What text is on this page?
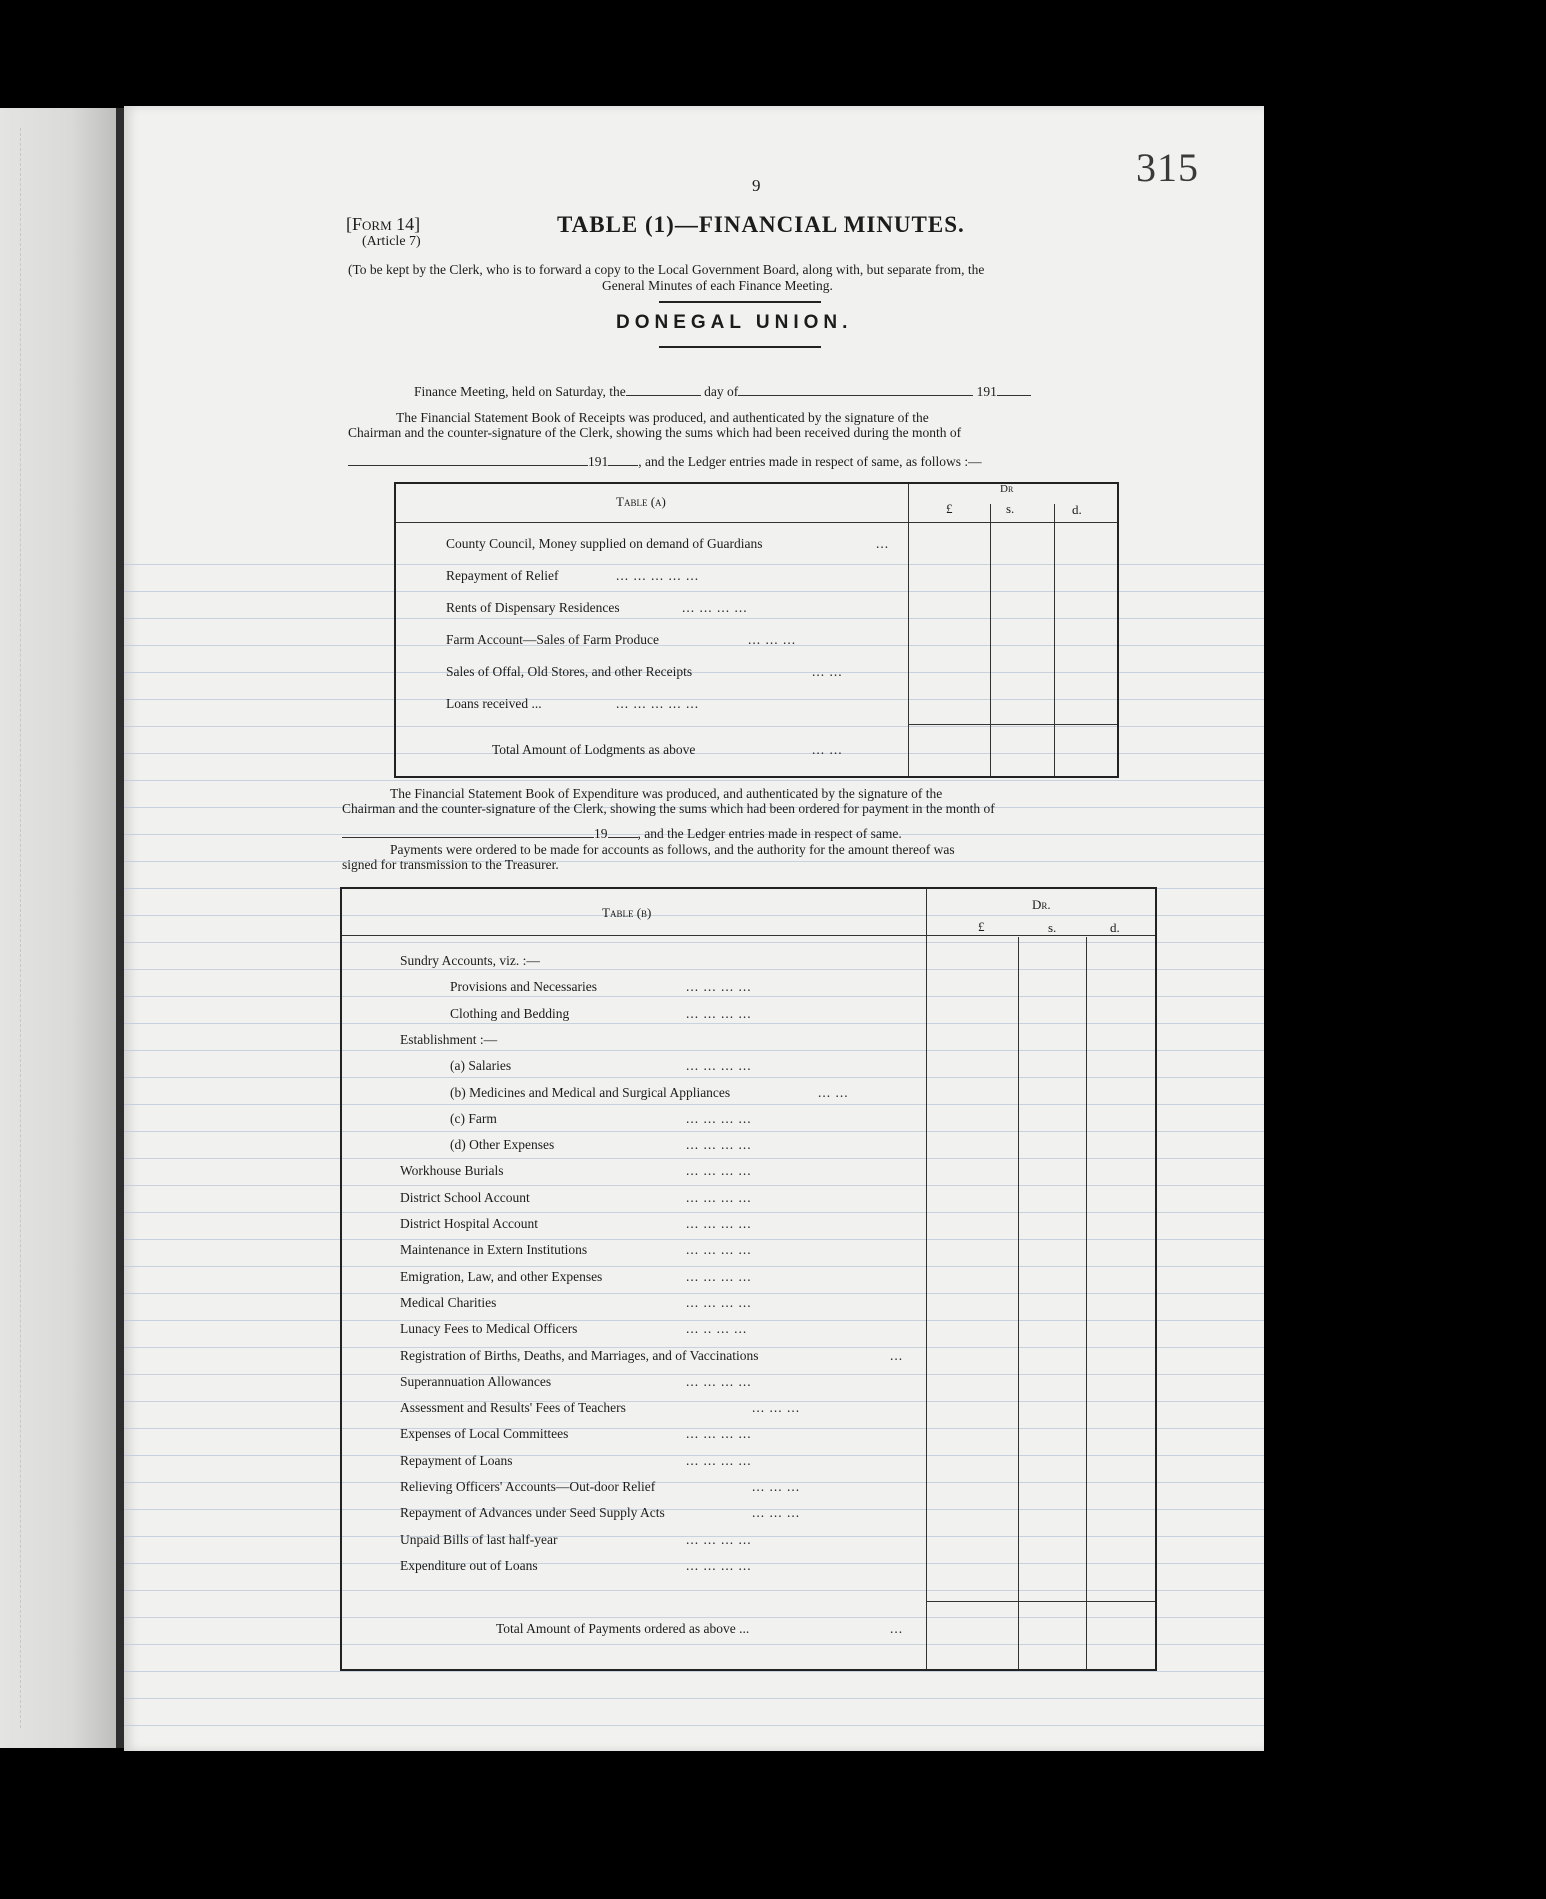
9	315
[Form 14]
(Article 7)
TABLE (1)—FINANCIAL MINUTES.
(To be kept by the Clerk, who is to forward a copy to the Local Government Board, along with, but separate from, the
General Minutes of each Finance Meeting.
DONEGAL UNION.
Finance Meeting, held on Saturday, the	day of	191
The Financial Statement Book of Receipts was produced, and authenticated by the signature of the
Chairman and the counter-signature of the Clerk, showing the sums which had been received during the month of
191 , and the Ledger entries made in respect of same, as follows :—
Table (a)
Dr
£	s.	d.
County Council, Money supplied on demand of Guardians	...
Repayment of Relief	... ... ... ... ...
Rents of Dispensary Residences	... ... ... ...
Farm Account—Sales of Farm Produce	... ... ...
Sales of Offal, Old Stores, and other Receipts	... ...
Loans received ...	... ... ... ... ...
Total Amount of Lodgments as above	... ...
The Financial Statement Book of Expenditure was produced, and authenticated by the signature of the
Chairman and the counter-signature of the Clerk, showing the sums which had been ordered for payment in the month of
19 , and the Ledger entries made in respect of same.
Payments were ordered to be made for accounts as follows, and the authority for the amount thereof was
signed for transmission to the Treasurer.
Table (b)
Dr.
£	s.	d.
Sundry Accounts, viz. :—
Provisions and Necessaries	... ... ... ...
Clothing and Bedding	... ... ... ...
Establishment :—
(a) Salaries	... ... ... ...
(b) Medicines and Medical and Surgical Appliances	... ...
(c) Farm	... ... ... ...
(d) Other Expenses	... ... ... ...
Workhouse Burials	... ... ... ...
District School Account	... ... ... ...
District Hospital Account	... ... ... ...
Maintenance in Extern Institutions	... ... ... ...
Emigration, Law, and other Expenses	... ... ... ...
Medical Charities	... ... ... ...
Lunacy Fees to Medical Officers	... .. ... ...
Registration of Births, Deaths, and Marriages, and of Vaccinations	...
Superannuation Allowances	... ... ... ...
Assessment and Results' Fees of Teachers	... ... ...
Expenses of Local Committees	... ... ... ...
Repayment of Loans	... ... ... ...
Relieving Officers' Accounts—Out-door Relief	... ... ...
Repayment of Advances under Seed Supply Acts	... ... ...
Unpaid Bills of last half-year	... ... ... ...
Expenditure out of Loans	... ... ... ...
Total Amount of Payments ordered as above ...	...
